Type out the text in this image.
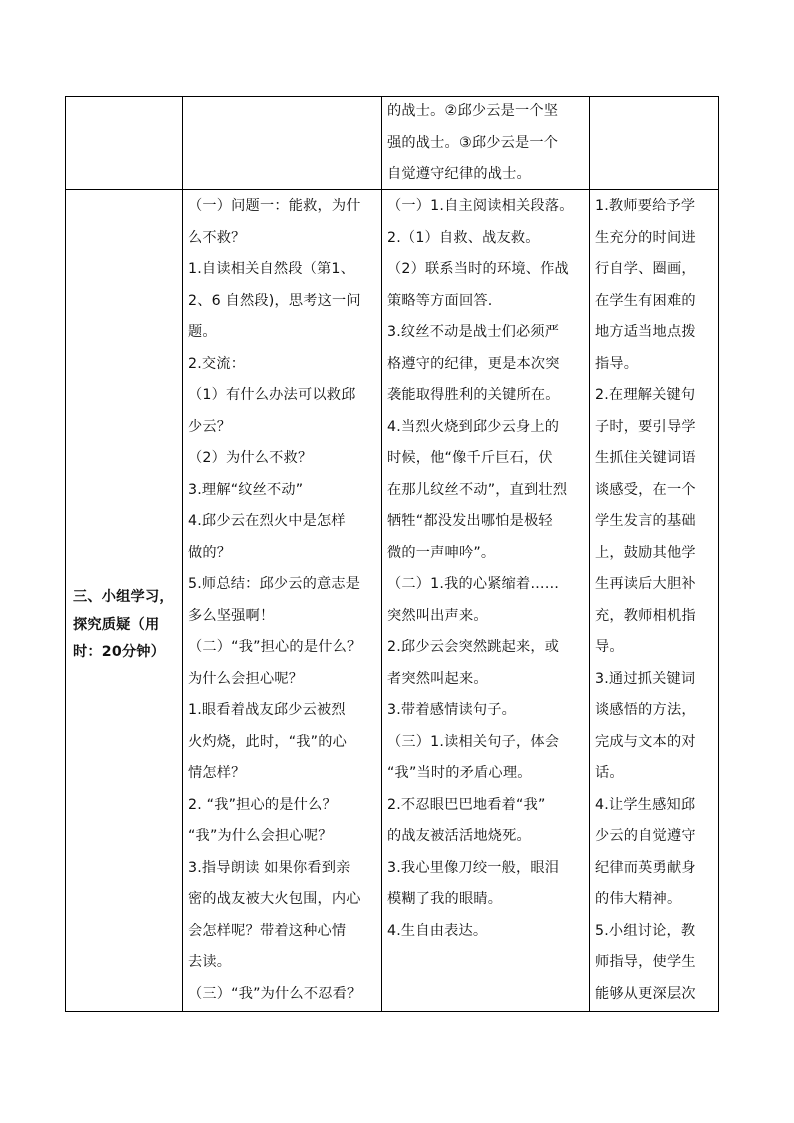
的战士。②邱少云是一个坚
强的战士。③邱少云是一个
自觉遵守纪律的战士。
三、小组学习，
探究质疑（用
时：20分钟）
（一）问题一：能救，为什
么不救？
1.自读相关自然段（第1、
2、6 自然段)，思考这一问
题。
2.交流：
（1）有什么办法可以救邱
少云？
（2）为什么不救？
3.理解“纹丝不动”
4.邱少云在烈火中是怎样
做的？
5.师总结：邱少云的意志是
多么坚强啊！
（二）“我”担心的是什么？
为什么会担心呢？
1.眼看着战友邱少云被烈
火灼烧，此时，“我”的心
情怎样？
2. “我”担心的是什么？
“我”为什么会担心呢？
3.指导朗读 如果你看到亲
密的战友被大火包围，内心
会怎样呢？带着这种心情
去读。
（三）“我”为什么不忍看？
（一）1.自主阅读相关段落。
2.（1）自救、战友救。
（2）联系当时的环境、作战
策略等方面回答.
3.纹丝不动是战士们必须严
格遵守的纪律，更是本次突
袭能取得胜利的关键所在。
4.当烈火烧到邱少云身上的
时候，他“像千斤巨石，伏
在那儿纹丝不动”，直到壮烈
牺牲“都没发出哪怕是极轻
微的一声呻吟”。
（二）1.我的心紧缩着……
突然叫出声来。
2.邱少云会突然跳起来，或
者突然叫起来。
3.带着感情读句子。
（三）1.读相关句子，体会
“我”当时的矛盾心理。
2.不忍眼巴巴地看着“我”
的战友被活活地烧死。
3.我心里像刀绞一般，眼泪
模糊了我的眼睛。
4.生自由表达。
1.教师要给予学
生充分的时间进
行自学、圈画，
在学生有困难的
地方适当地点拨
指导。
2.在理解关键句
子时，要引导学
生抓住关键词语
谈感受，在一个
学生发言的基础
上，鼓励其他学
生再读后大胆补
充，教师相机指
导。
3.通过抓关键词
谈感悟的方法，
完成与文本的对
话。
4.让学生感知邱
少云的自觉遵守
纪律而英勇献身
的伟大精神。
5.小组讨论，教
师指导，使学生
能够从更深层次
